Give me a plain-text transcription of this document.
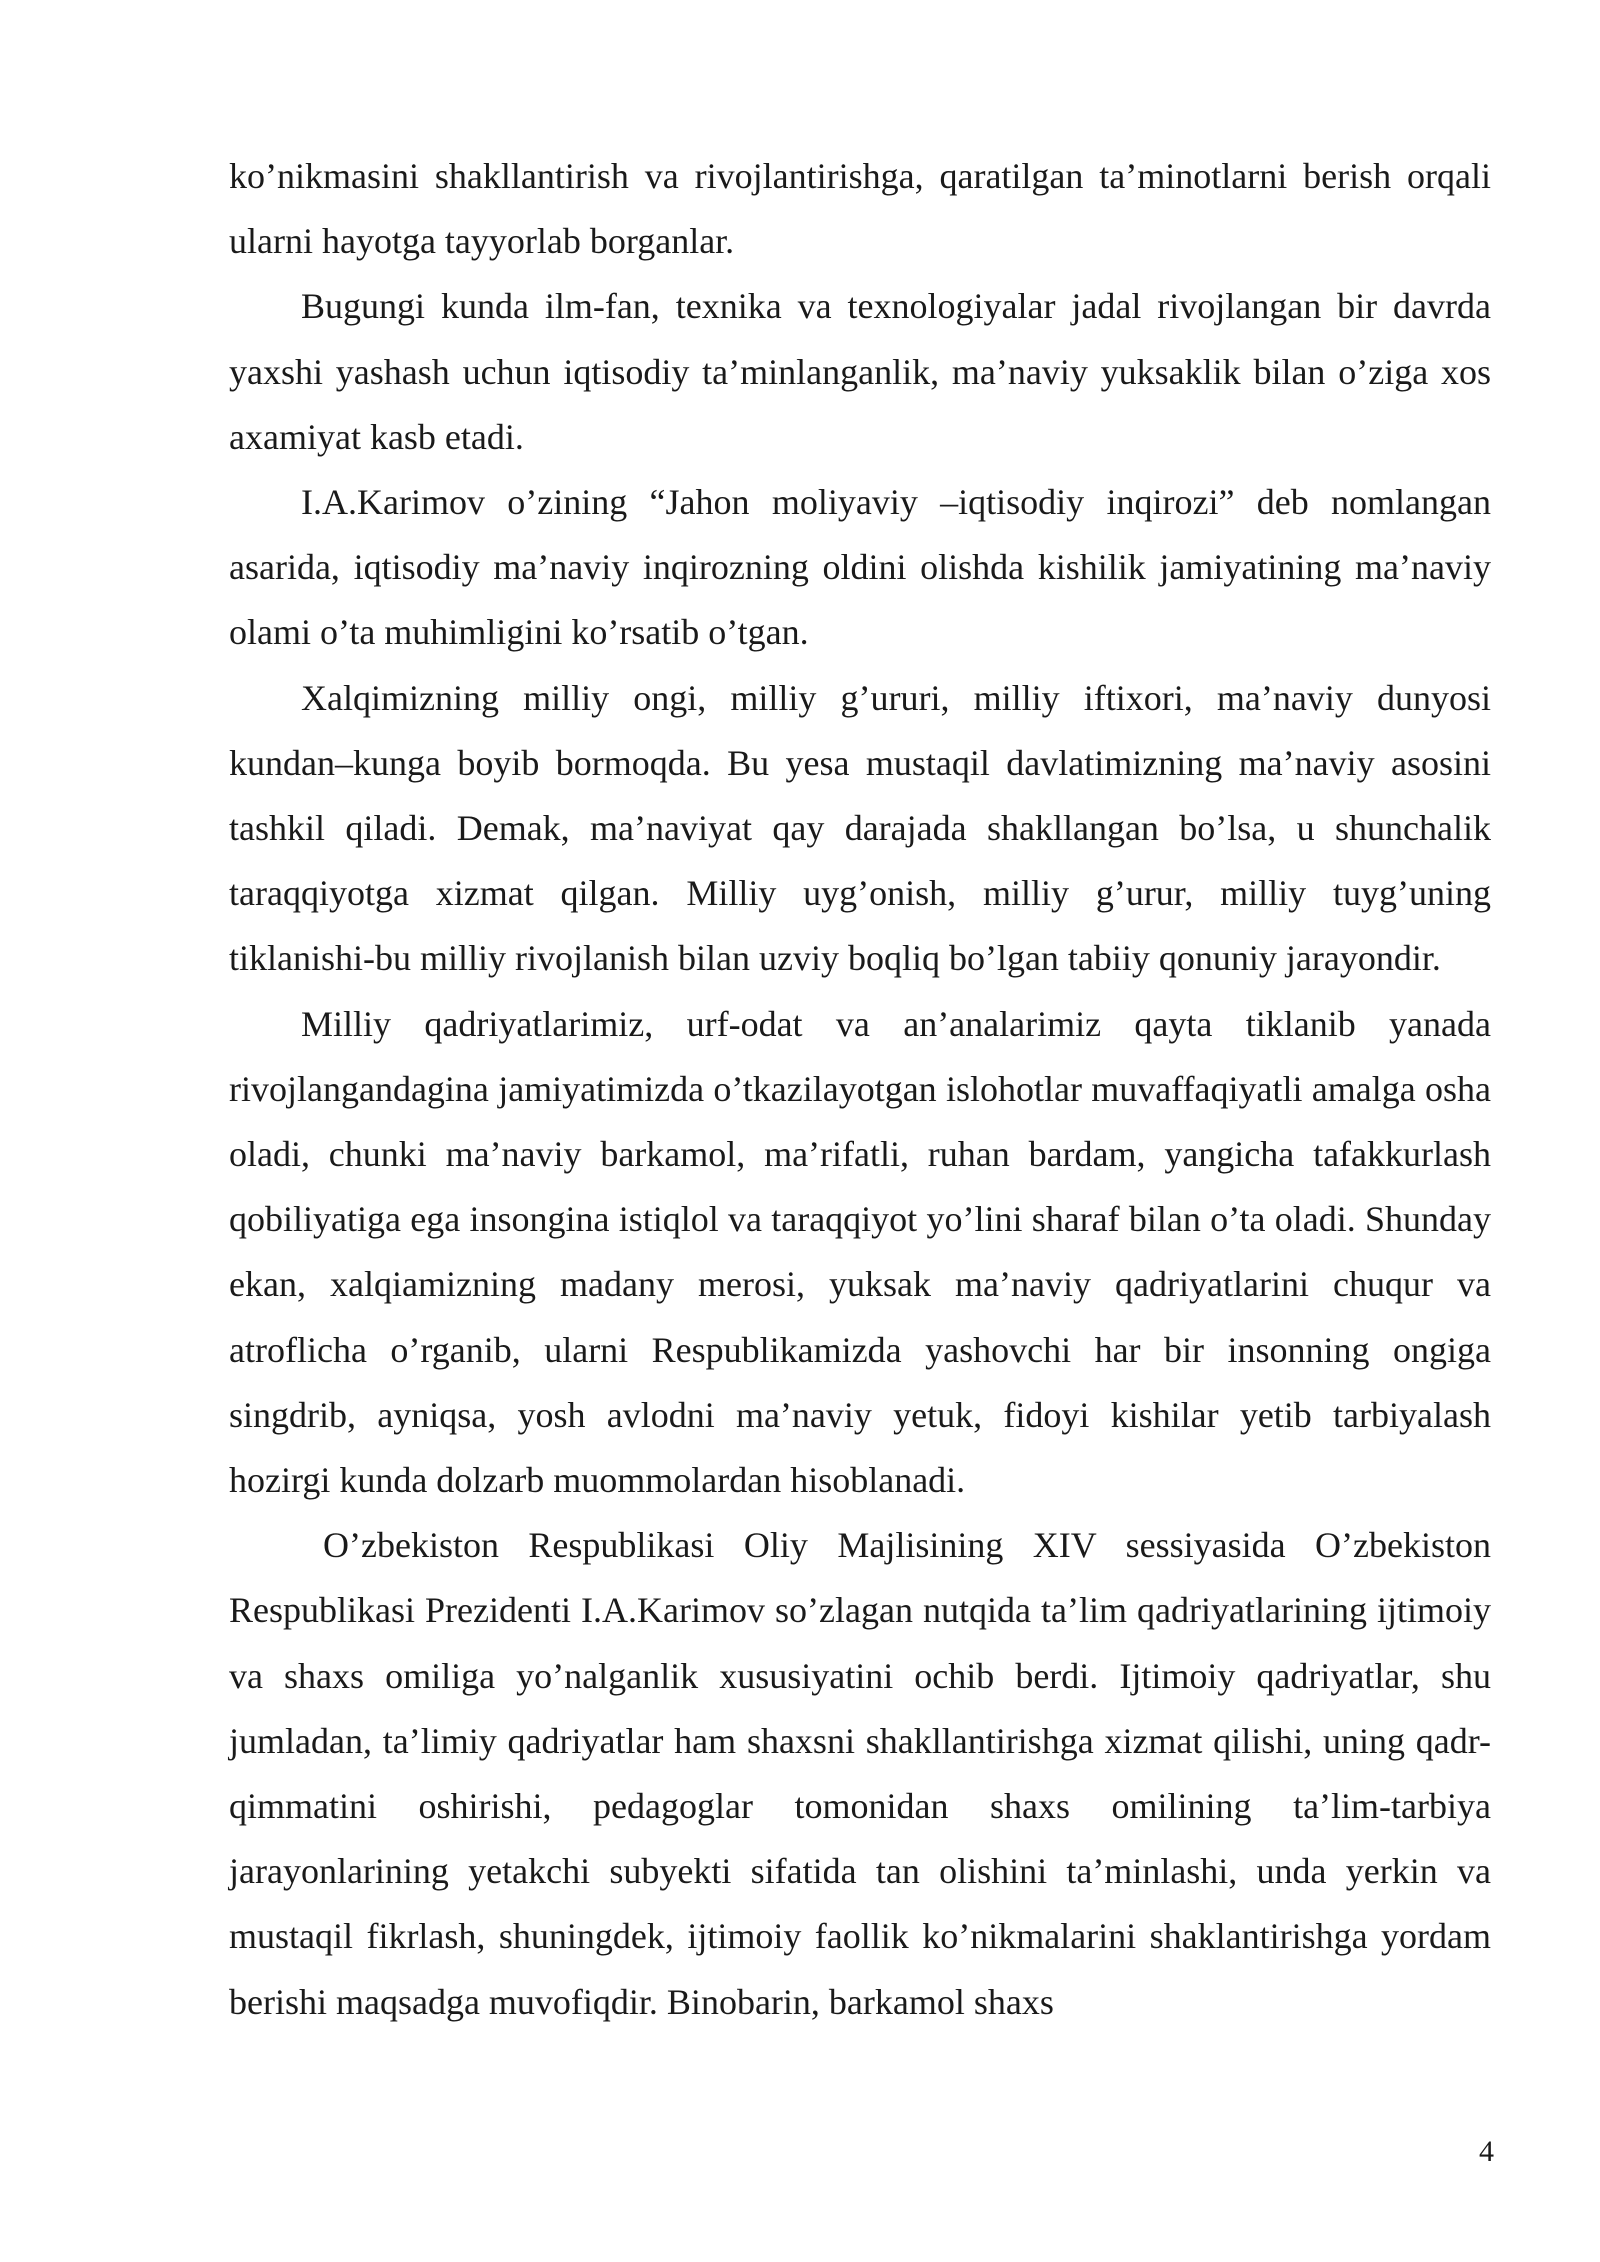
ko’nikmasini shakllantirish va rivojlantirishga, qaratilgan ta’minotlarni berish orqali ularni hayotga tayyorlab borganlar.

Bugungi kunda ilm-fan, texnika va texnologiyalar jadal rivojlangan bir davrda yaxshi yashash uchun iqtisodiy ta’minlanganlik, ma’naviy yuksaklik bilan o’ziga xos axamiyat kasb etadi.

I.A.Karimov o’zining “Jahon moliyaviy –iqtisodiy inqirozi” deb nomlangan asarida, iqtisodiy ma’naviy inqirozning oldini olishda kishilik jamiyatining ma’naviy olami o’ta muhimligini ko’rsatib o’tgan.

Xalqimizning milliy ongi, milliy g’ururi, milliy iftixori, ma’naviy dunyosi kundan–kunga boyib bormoqda. Bu yesa mustaqil davlatimizning ma’naviy asosini tashkil qiladi. Demak, ma’naviyat qay darajada shakllangan bo’lsa, u shunchalik taraqqiyotga xizmat qilgan. Milliy uyg’onish, milliy g’urur, milliy tuyg’uning tiklanishi-bu milliy rivojlanish bilan uzviy boqliq bo’lgan tabiiy qonuniy jarayondir.

Milliy qadriyatlarimiz, urf-odat va an’analarimiz qayta tiklanib yanada rivojlangandagina jamiyatimizda o’tkazilayotgan islohotlar muvaffaqiyatli amalga osha oladi, chunki ma’naviy barkamol, ma’rifatli, ruhan bardam, yangicha tafakkurlash qobiliyatiga ega insongina istiqlol va taraqqiyot yo’lini sharaf bilan o’ta oladi. Shunday ekan, xalqiamizning madany merosi, yuksak ma’naviy qadriyatlarini chuqur va atroflicha o’rganib, ularni Respublikamizda yashovchi har bir insonning ongiga singdrib, ayniqsa, yosh avlodni ma’naviy yetuk, fidoyi kishilar yetib tarbiyalash hozirgi kunda dolzarb muommolardan hisoblanadi.

O’zbekiston Respublikasi Oliy Majlisining XIV sessiyasida O’zbekiston Respublikasi Prezidenti I.A.Karimov so’zlagan nutqida ta’lim qadriyatlarining ijtimoiy va shaxs omiliga yo’nalganlik xususiyatini ochib berdi. Ijtimoiy qadriyatlar, shu jumladan, ta’limiy qadriyatlar ham shaxsni shakllantirishga xizmat qilishi, uning qadr-qimmatini oshirishi, pedagoglar tomonidan shaxs omilining ta’lim-tarbiya jarayonlarining yetakchi subyekti sifatida tan olishini ta’minlashi, unda yerkin va mustaqil fikrlash, shuningdek, ijtimoiy faollik ko’nikmalarini shaklantirishga yordam berishi maqsadga muvofiqdir. Binobarin, barkamol shaxs

4
